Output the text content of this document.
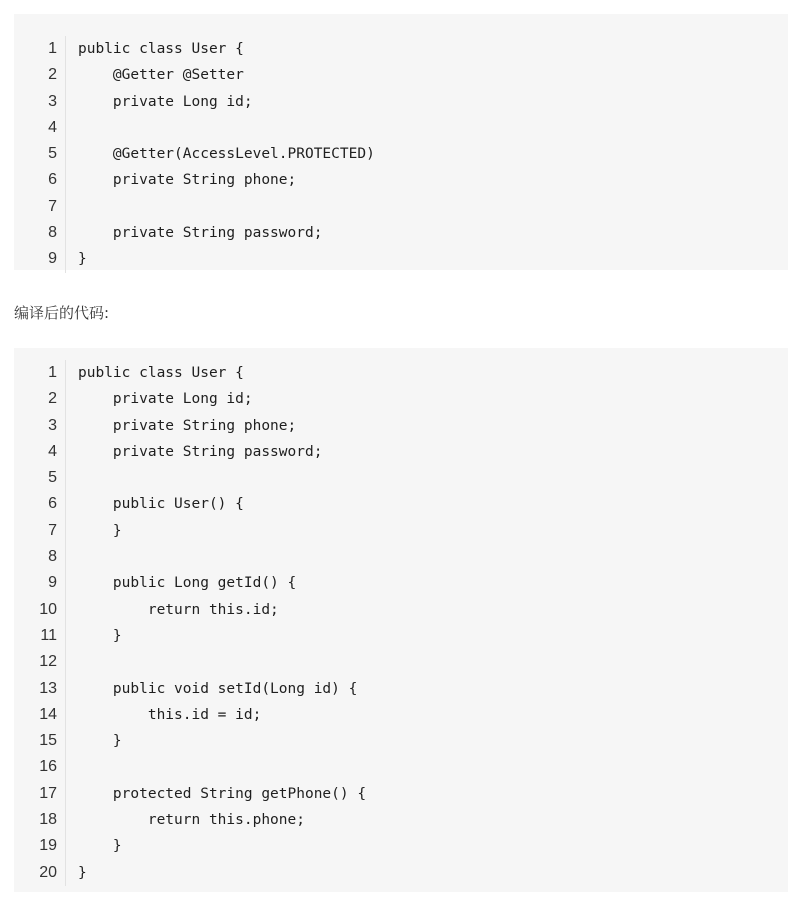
1	public class User {
2	@Getter @Setter
3	private Long id;
4
5	@Getter(AccessLevel.PROTECTED)
6	private String phone;
7
8	private String password;
9	}

编译后的代码:

1	public class User {
2	private Long id;
3	private String phone;
4	private String password;
5
6	public User() {
7	}
8
9	public Long getId() {
10	return this.id;
11	}
12
13	public void setId(Long id) {
14	this.id = id;
15	}
16
17	protected String getPhone() {
18	return this.phone;
19	}
20	}
